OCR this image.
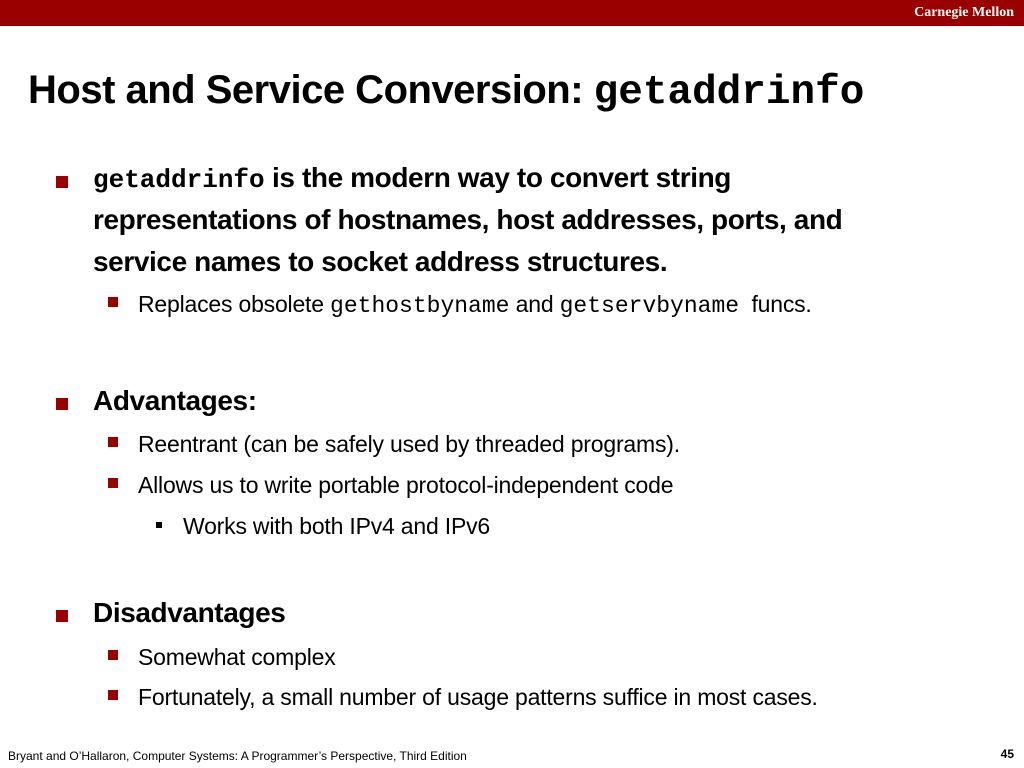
Carnegie Mellon
Host and Service Conversion: getaddrinfo

getaddrinfo is the modern way to convert string

representations of hostnames, host addresses, ports, and

service names to socket address structures.

Replaces obsolete gethostbyname and getservbyname  funcs.

Advantages:

Reentrant (can be safely used by threaded programs).

Allows us to write portable protocol-independent code

Works with both IPv4 and IPv6

Disadvantages

Somewhat complex

Fortunately, a small number of usage patterns suffice in most cases.

Bryant and O’Hallaron, Computer Systems: A Programmer’s Perspective, Third Edition	45
